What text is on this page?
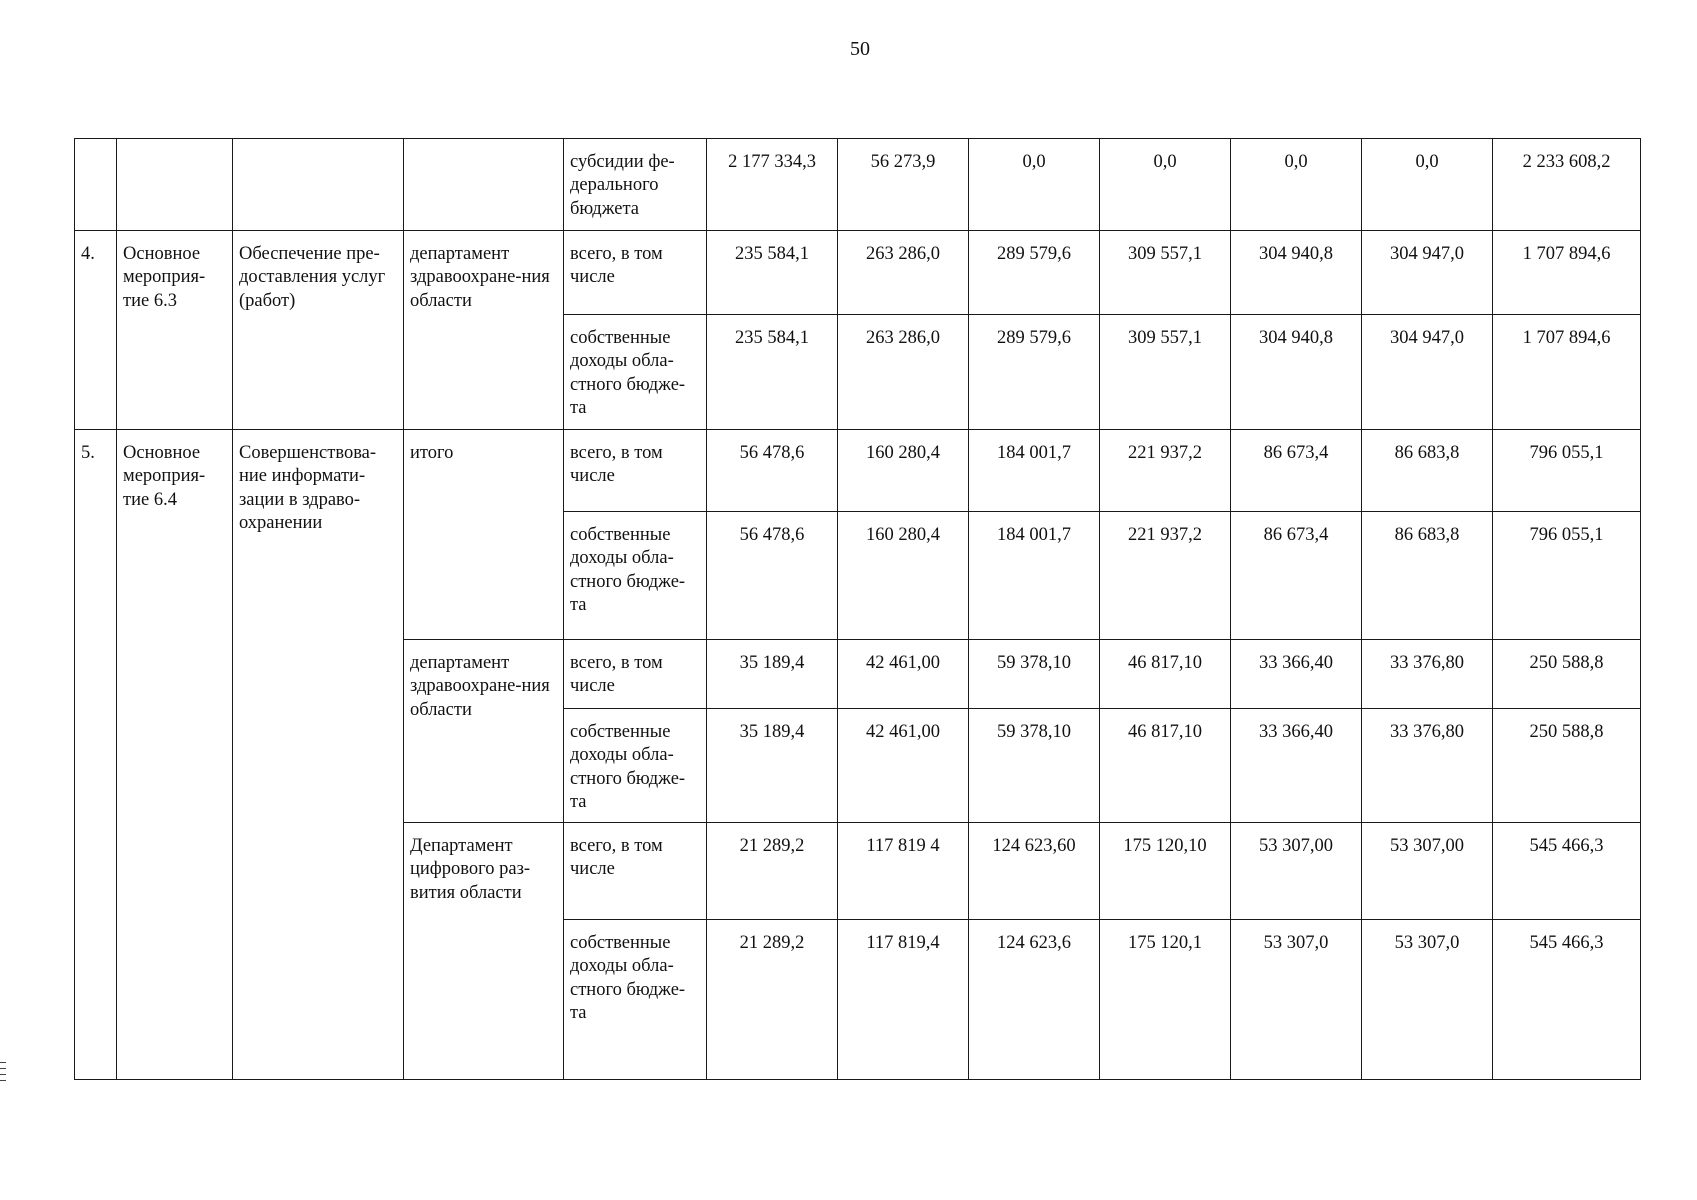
50
				субсидии фе-дерального бюджета	2 177 334,3	56 273,9	0,0	0,0	0,0	0,0	2 233 608,2
4.	Основное мероприя-тие 6.3	Обеспечение пре-доставления услуг (работ)	департамент здравоохране-ния области	всего, в том числе	235 584,1	263 286,0	289 579,6	309 557,1	304 940,8	304 947,0	1 707 894,6
				собственные доходы обла-стного бюдже-та	235 584,1	263 286,0	289 579,6	309 557,1	304 940,8	304 947,0	1 707 894,6
5.	Основное мероприя-тие 6.4	Совершенствова-ние информати-зации в здраво-охранении	итого	всего, в том числе	56 478,6	160 280,4	184 001,7	221 937,2	86 673,4	86 683,8	796 055,1
				собственные доходы обла-стного бюдже-та	56 478,6	160 280,4	184 001,7	221 937,2	86 673,4	86 683,8	796 055,1
			департамент здравоохране-ния области	всего, в том числе	35 189,4	42 461,00	59 378,10	46 817,10	33 366,40	33 376,80	250 588,8
				собственные доходы обла-стного бюдже-та	35 189,4	42 461,00	59 378,10	46 817,10	33 366,40	33 376,80	250 588,8
			Департамент цифрового раз-вития области	всего, в том числе	21 289,2	117 819 4	124 623,60	175 120,10	53 307,00	53 307,00	545 466,3
				собственные доходы обла-стного бюдже-та	21 289,2	117 819,4	124 623,6	175 120,1	53 307,0	53 307,0	545 466,3
